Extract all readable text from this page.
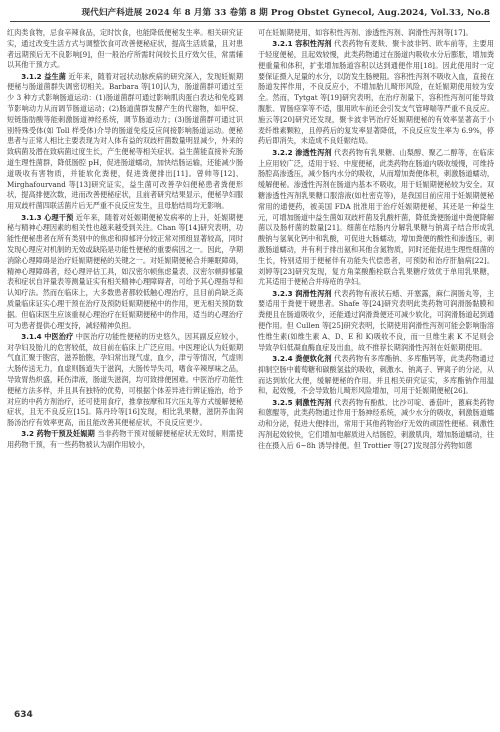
现代妇产科进展 2024 年 8 月第 33 卷第 8 期 Prog Obstet Gynecol, Aug.2024, Vol.33, No.8

红肉类食物，忌食辛辣食品，定时饮食，也能降低便秘发生率。相关研究证实，通过改变生活方式与调整饮食可改善便秘症状，提高生活质量，且对患者远期预后无不良影响[9]，但一般治疗所需时间较长且疗效欠佳，常需辅以其他干预方式。

3.1.2 益生菌 近年来，随着对冠状动脉疾病的研究深入，发现妊娠期便秘与肠道菌群失调密切相关。Barbara 等[10]认为，肠道菌群可通过至少 3 种方式影响肠道运动：(1)肠道菌群可通过影响肌肉蛋白表达和免疫调节影响动力从而调节肠道运动；(2)肠道菌群发酵产生的代谢物，如甲烷、短链脂肪酸等能刺激肠道神经系统，调节肠道动力；(3)肠道菌群可通过识别特殊受体(如 Toll 样受体)介导的肠道免疫反应间接影响肠道运动。便秘患者与正常人相比主要表现为对人体有益的双歧杆菌数量明显减少，外来的致病菌及潜在致病菌过度生长，产生便秘等相关症状。益生菌能直接补充肠道生理性菌群，降低肠腔 pH，促进肠道蠕动，加快结肠运输，还能减少肠道吸收有害物质，并能软化粪便，促进粪便排出[11]。曾帅等[12]、Mirghafourvand 等[13]研究证实，益生菌可改善孕妇便秘患者粪便形状，提高排便次数，进而改善便秘症状，且前者研究结果显示，便秘孕妇服用双歧杆菌四联活菌片后无严重不良反应发生，且母胎结局均无影响。

3.1.3 心理干预 近年来，随着对妊娠期便秘发病率的上升，妊娠期便秘与精神心理因素的相关性也越来越受到关注。Chan 等[14]研究表明，功能性便秘患者在所有类别中的焦虑和抑郁评分较正常对照组显著较高，同时发现心理应对机制的无效或缺陷是功能性便秘的重要病因之一。因此，孕期消除心理障碍是治疗妊娠期便秘的关键之一。对妊娠期便秘合并睡眠障碍，精神心理障碍者，经心理评估工具，如汉密尔顿焦虑量表、汉密尔顿抑郁量表和症状自评量表等测量证实有相关精神心理障碍者，可给予其心理指导和认知疗法。然而在临床上，大多数患者都较低触心理治疗，且目前尚缺乏高质量临床证实心理干预在治疗及预防妊娠期便秘中的作用，更无相关预防数据。但临床医生应该重视心理治疗在妊娠期便秘中的作用，适当的心理治疗可为患者提供心理支持，减轻精神负担。

3.1.4 中医治疗 中医治疗功能性便秘的历史悠久，因其副反应较小，对孕妇及胎儿的危害较低，故目前在临床上广泛应用。中医理论认为妊娠期气血汇聚于胞宫，滋养胎胞，孕妇常出现气虚，血少，津亏等情况，气虚则大肠传送无力，血虚则肠道失于滋润，大肠传导失司，嗜食辛辣厚味之品，导致胃热炽盛，耗伤津液，肠道失滋润，均可致排便困难。中医治疗功能性便秘方法多样，并且具有独特的优势，可根据个体差异进行辨证施治，给予对应的中药方剂治疗，还可使用食疗，推拿按摩和耳穴压丸等方式缓解便秘症状，且无不良反应[15]。陈丹玲等[16]发现，相比乳果糖，滋阴养血润肠汤治疗有效率更高，而且能改善其便秘症状，不良反应更少。

3.2 药物干预及妊娠期 当非药物干预对缓解便秘症状无效时，则需使用药物干预，有一些药物被认为副作用较小，

可在妊娠期使用，如容积性泻剂、渗透性泻剂、润滑性泻剂等[17]。

3.2.1 容积性泻剂 代表药物有麦麸、聚卡波非钙、欧车前等，主要用于轻度便秘，且起效较慢，此类药物通过在肠道内吸收水分后膨胀，增加粪便重量和体积，扩张增加肠道容积以达到通便作用[18]。因此使用时一定要保证摄入足量的水分，以防发生肠梗阻。容积性泻剂不吸收入血，直接在肠道发挥作用，不良反应小，不增加胎儿畸形风险，在妊娠期使用较为安全。然而，Tytgat 等[19]研究表明，在治疗剂量下，容积性泻剂可能导致腹胀、胃肠痉挛等不适，服用欧车前还会引发支气管哮喘等严重不良反应。施云等[20]研究还发现，聚卡波非钙治疗妊娠期便秘的有效率显著高于小麦纤维素颗粒，且停药后的复发率显著降低，不良反应发生率为 6.9%，停药后即消失，未造成不良妊娠结局。

3.2.2 渗透性泻剂 代表药物有乳果糖、山梨醇、聚乙二醇等，在临床上应用较广泛，适用于轻、中度便秘，此类药物在肠道内吸收缓慢，可维持肠腔高渗透压，减少肠内水分的吸收，从而增加粪便体积，刺激肠道蠕动，缓解便秘。渗透性泻剂在肠道内基本不吸收，用于妊娠期便秘较为安全。双糖渗透性泻剂乳果糖口服溶液(如杜密克等)，是我国目前应用于妊娠期便秘常用的通便药，被美国 FDA 批准用于治疗妊娠期便秘，其还是一种益生元，可增加肠道中益生菌如双歧杆菌及乳酸杆菌，降低粪便肠道中粪便降解菌以及肠杆菌的数量[21]。细菌在结肠内分解乳果糖与钠离子结合形成乳酸钠与氢氧化钙中和乳酸，可促进大肠蠕动，增加粪便的酸性和渗透压，刺激肠道蠕动，并有利于排出氨和其他含氮物质，同时还能促进生理性细菌的生长，特别适用于便秘伴有功能失代偿患者，可预防和治疗肝脑病[22]。刘婷等[23]研究发现，复方角菜酸酯栓联合乳果糖疗效优于单用乳果糖，尤其适用于便秘合并痔疮的孕妇。

3.2.3 润滑性泻剂 代表药物有液状石蜡、开塞露，麻仁润肠丸等，主要适用于粪便干硬患者。Shafe 等[24]研究表明此类药物可润滑肠黏膜和粪便且在肠道吸收少，还能通过润滑粪便还可减少软化，可润滑肠道起到通便作用。但 Cullen 等[25]研究表明，长期使用润滑性泻剂可能会影响脂溶性维生素(如维生素 A、D、E 和 K)吸收不良，而一旦维生素 K 不足则会导致孕妇低凝血酶血症及出血，故不推荐长期润滑性泻剂在妊娠期使用。

3.2.4 粪便软化剂 代表药物有多库酯钠、多库酯钙等，此类药物通过抑制空肠中葡萄糖和碳酸氢盐的吸收，刺激水、钠离子、钾离子的分泌，从而达到软化大便，缓解便秘的作用。并且相关研究证实，多库酯钠作用温和，起效慢，不会导致胎儿畸形风险增加，可用于妊娠期便秘[26]。

3.2.5 刺激性泻剂 代表药物有酚酞、比沙可啶、番茄叶，蓖麻类药物和蒽醌等，此类药物通过作用于肠神经系统，减少水分的吸收，刺激肠道蠕动和分泌，促进大便排出，常用于其他药物治疗无效的顽固性便秘。刺激性泻剂起效较快，它们增加电解质进入结肠腔，刺激肌肉，增加肠道蠕动，往往在摄入后 6~8h 诱导排便。但 Trottier 等[27]发现部分药物如蒽

634
